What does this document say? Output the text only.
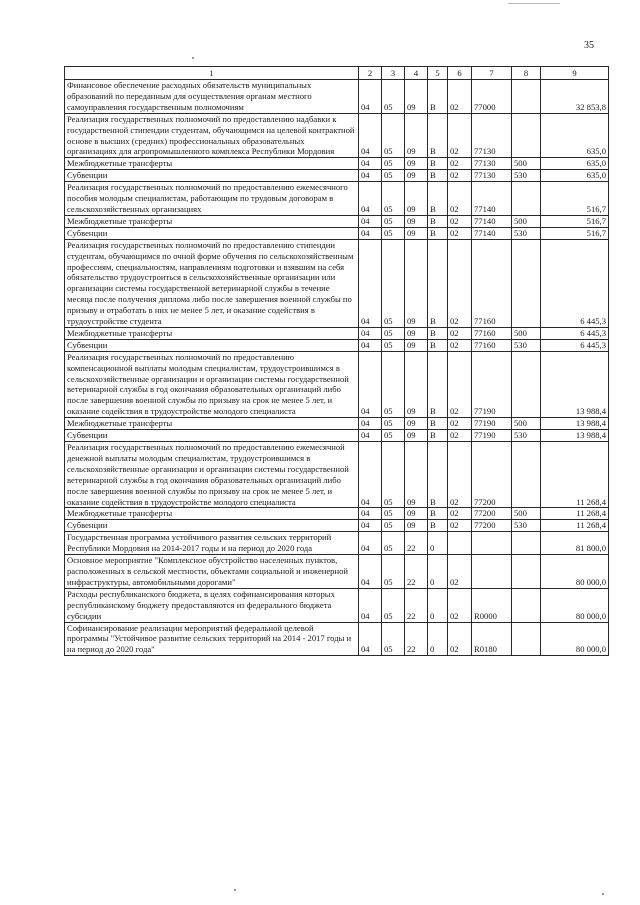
35
1	2	3	4	5	6	7	8	9
Финансовое обеспечение расходных обязательств муниципальных образований по переданным для осуществления органам местного самоуправления государственным полномочиям	04	05	09	В	02	77000		32 853,8
Реализация государственных полномочий по предоставлению надбавки к государственной стипендии студентам, обучающимся на целевой контрактной основе в высших (средних) профессиональных образовательных организациях для агропромышленного комплекса Республики Мордовия	04	05	09	В	02	77130		635,0
Межбюджетные трансферты	04	05	09	В	02	77130	500	635,0
Субвенции	04	05	09	В	02	77130	530	635,0
Реализация государственных полномочий по предоставлению ежемесячного пособия молодым специалистам, работающим по трудовым договорам в сельскохозяйственных организациях	04	05	09	В	02	77140		516,7
Межбюджетные трансферты	04	05	09	В	02	77140	500	516,7
Субвенции	04	05	09	В	02	77140	530	516,7
Реализация государственных полномочий по предоставлению стипендии студентам, обучающимся по очной форме обучения по сельскохозяйственным профессиям, специальностям, направлениям подготовки и взявшим на себя обязательство трудоустроиться в сельскохозяйственные организации или организации системы государственной ветеринарной службы в течение месяца после получения диплома либо после завершения военной службы по призыву и отработать в них не менее 5 лет, и оказание содействия в трудоустройстве студента	04	05	09	В	02	77160		6 445,3
Межбюджетные трансферты	04	05	09	В	02	77160	500	6 445,3
Субвенции	04	05	09	В	02	77160	530	6 445,3
Реализация государственных полномочий по предоставлению компенсационной выплаты молодым специалистам, трудоустроившимся в сельскохозяйственные организации и организации системы государственной ветеринарной службы в год окончания образовательных организаций либо после завершения военной службы по призыву на срок не менее 5 лет, и оказание содействия в трудоустройстве молодого специалиста	04	05	09	В	02	77190		13 988,4
Межбюджетные трансферты	04	05	09	В	02	77190	500	13 988,4
Субвенции	04	05	09	В	02	77190	530	13 988,4
Реализация государственных полномочий по предоставлению ежемесячной денежной выплаты молодым специалистам, трудоустроившимся в сельскохозяйственные организации и организации системы государственной ветеринарной службы в год окончания образовательных организаций либо после завершения военной службы по призыву на срок не менее 5 лет, и оказание содействия в трудоустройстве молодого специалиста	04	05	09	В	02	77200		11 268,4
Межбюджетные трансферты	04	05	09	В	02	77200	500	11 268,4
Субвенции	04	05	09	В	02	77200	530	11 268,4
Государственная программа устойчивого развития сельских территорий Республики Мордовия на 2014-2017 годы и на период до 2020 года	04	05	22	0				81 800,0
Основное мероприятие "Комплексное обустройство населенных пунктов, расположенных в сельской местности, объектами социальной и инженерной инфраструктуры, автомобильными дорогами"	04	05	22	0	02			80 000,0
Расходы республиканского бюджета, в целях софинансирования которых республиканскому бюджету предоставляются из федерального бюджета субсидии	04	05	22	0	02	R0000		80 000,0
Софинансирование реализации мероприятий федеральной целевой программы "Устойчивое развитие сельских территорий на 2014 - 2017 годы и на период до 2020 года"	04	05	22	0	02	R0180		80 000,0
